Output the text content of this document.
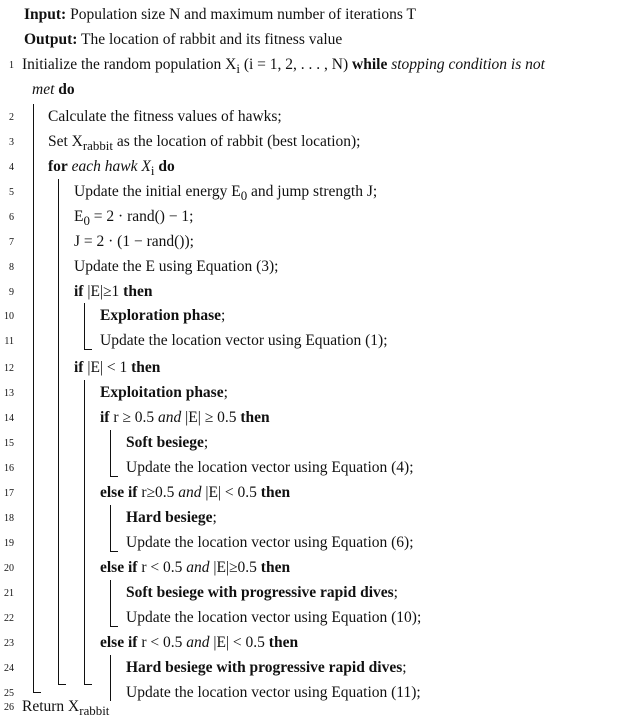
Input: Population size N and maximum number of iterations T
Output: The location of rabbit and its fitness value
1 Initialize the random population $X_i$ (i = 1, 2, . . . , N) while stopping condition is not
met do
2 Calculate the fitness values of hawks;
3 Set $X_{rabbit}$ as the location of rabbit (best location);
4 for each hawk $X_i$ do
5	Update the initial energy $E_0$ and jump strength J;
6	$E_0 = 2$ · rand() − 1;
7	J = 2 · (1 − rand());
8	Update the E using Equation (3);
9	if |E|≥1 then
10	Exploration phase;
11	Update the location vector using Equation (1);
12	if |E| < 1 then
13	Exploitation phase;
14	if r ≥ 0.5 and |E| ≥ 0.5 then
15	Soft besiege;
16	Update the location vector using Equation (4);
17	else if r≥0.5 and |E| < 0.5 then
18	Hard besiege;
19	Update the location vector using Equation (6);
20	else if r < 0.5 and |E|≥0.5 then
21	Soft besiege with progressive rapid dives;
22	Update the location vector using Equation (10);
23	else if r < 0.5 and |E| < 0.5 then
24	Hard besiege with progressive rapid dives;
25	Update the location vector using Equation (11);
26 Return $X_{rabbit}$
